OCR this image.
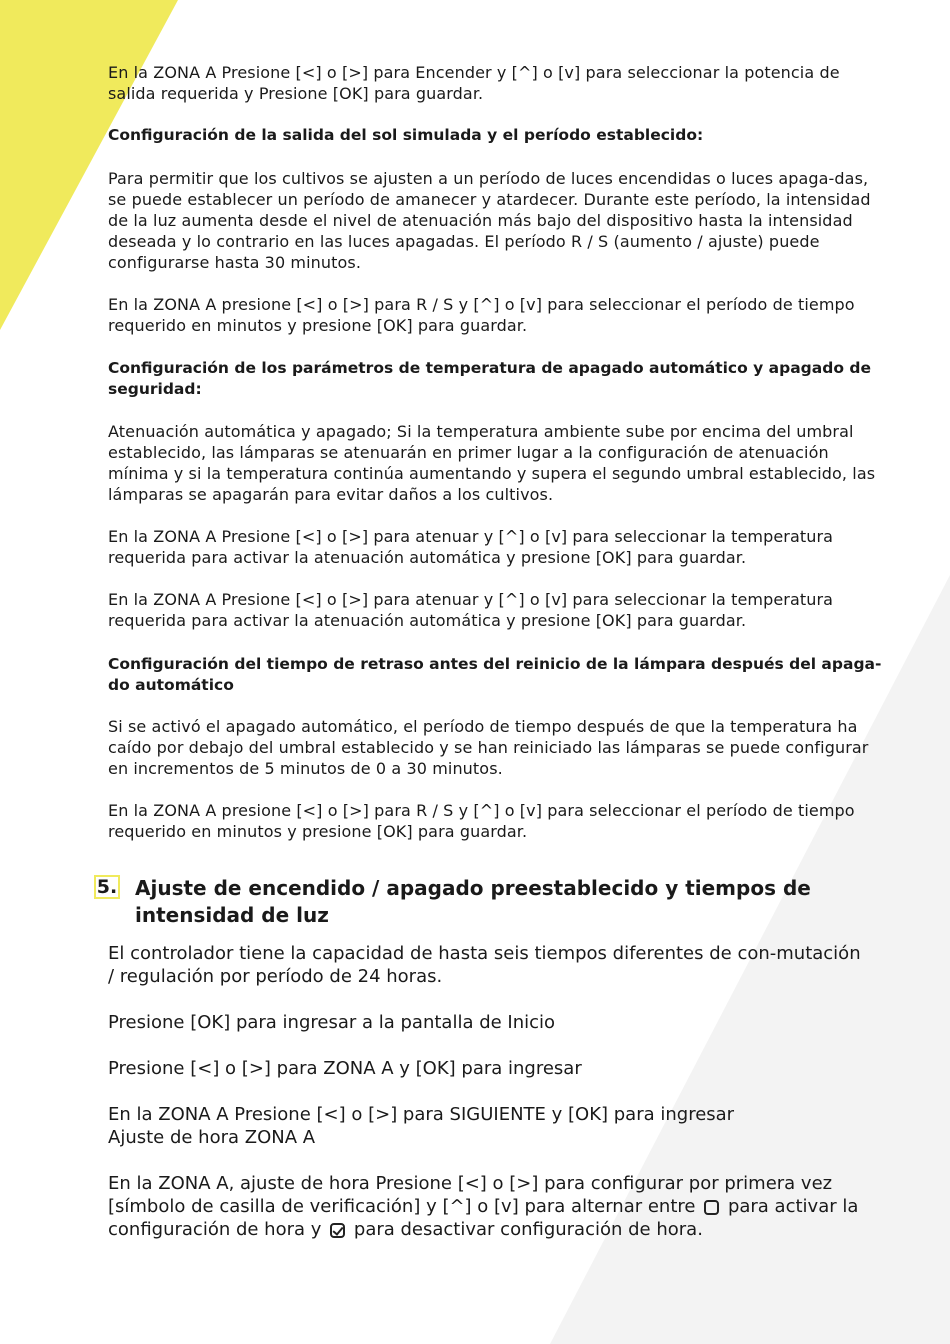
En la ZONA A Presione [<] o [>] para Encender y [^] o [v] para seleccionar la potencia de salida requerida y Presione [OK] para guardar.

Configuración de la salida del sol simulada y el período establecido:

Para permitir que los cultivos se ajusten a un período de luces encendidas o luces apaga-das, se puede establecer un período de amanecer y atardecer. Durante este período, la intensidad de la luz aumenta desde el nivel de atenuación más bajo del dispositivo hasta la intensidad deseada y lo contrario en las luces apagadas. El período R / S (aumento / ajuste) puede configurarse hasta 30 minutos.

En la ZONA A presione [<] o [>] para R / S y [^] o [v] para seleccionar el período de tiempo requerido en minutos y presione [OK] para guardar.

Configuración de los parámetros de temperatura de apagado automático y apagado de seguridad:

Atenuación automática y apagado; Si la temperatura ambiente sube por encima del umbral establecido, las lámparas se atenuarán en primer lugar a la configuración de atenuación mínima y si la temperatura continúa aumentando y supera el segundo umbral establecido, las lámparas se apagarán para evitar daños a los cultivos.

En la ZONA A Presione [<] o [>] para atenuar y [^] o [v] para seleccionar la temperatura requerida para activar la atenuación automática y presione [OK] para guardar.

En la ZONA A Presione [<] o [>] para atenuar y [^] o [v] para seleccionar la temperatura requerida para activar la atenuación automática y presione [OK] para guardar.

Configuración del tiempo de retraso antes del reinicio de la lámpara después del apaga-do automático

Si se activó el apagado automático, el período de tiempo después de que la temperatura ha caído por debajo del umbral establecido y se han reiniciado las lámparas se puede configurar en incrementos de 5 minutos de 0 a 30 minutos.

En la ZONA A presione [<] o [>] para R / S y [^] o [v] para seleccionar el período de tiempo requerido en minutos y presione [OK] para guardar.

El controlador tiene la capacidad de hasta seis tiempos diferentes de con-mutación / regulación por período de 24 horas.

Presione [OK] para ingresar a la pantalla de Inicio

Presione [<] o [>] para ZONA A y [OK] para ingresar

En la ZONA A Presione [<] o [>] para SIGUIENTE y [OK] para ingresar Ajuste de hora ZONA A

En la ZONA A, ajuste de hora Presione [<] o [>] para configurar por primera vez [símbolo de casilla de verificación] y [^] o [v] para alternar entre para activar la configuración de hora y para desactivar configuración de hora.

5. Ajuste de encendido / apagado preestablecido y tiempos de intensidad de luz
